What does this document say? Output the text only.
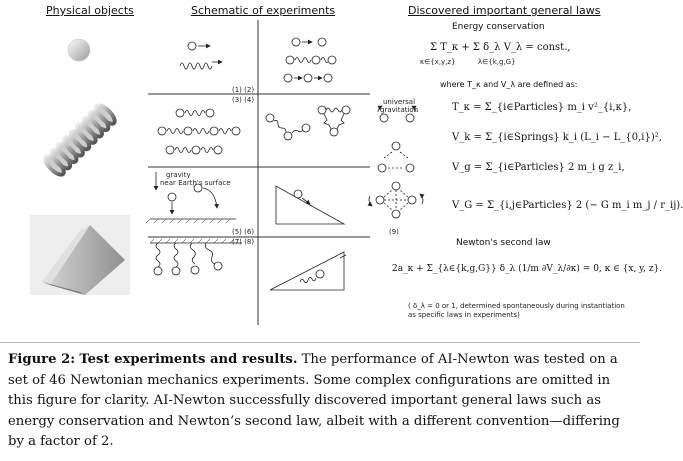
Physical objects	Schematic of experiments	Discovered important general laws
(1) (2)
(3) (4)
(5) (6)
(7) (8)
(9)
gravity
near Earth's surface
universal
gravitation
Energy conservation
Σ T_κ + Σ δ_λ V_λ = const.,
κ∈{x,y,z}	λ∈{k,g,G}
where T_κ and V_λ are defined as:
T_κ = Σ_{i∈Particles} m_i v²_{i,κ},
V_k = Σ_{i∈Springs} k_i (L_i − L_{0,i})²,
V_g = Σ_{i∈Particles} 2 m_i g z_i,
V_G = Σ_{i,j∈Particles} 2 (− G m_i m_j / r_ij).
Newton's second law
2a_κ + Σ_{λ∈{k,g,G}} δ_λ (1/m ∂V_λ/∂κ) = 0, κ ∈ {x, y, z}.
( δ_λ = 0 or 1, determined spontaneously during instantiation as specific laws in experiments)
Figure 2: Test experiments and results. The performance of AI-Newton was tested on a set of 46 Newtonian mechanics experiments. Some complex configurations are omitted in this figure for clarity. AI-Newton successfully discovered important general laws such as energy conservation and Newton’s second law, albeit with a different convention—differing by a factor of 2.
